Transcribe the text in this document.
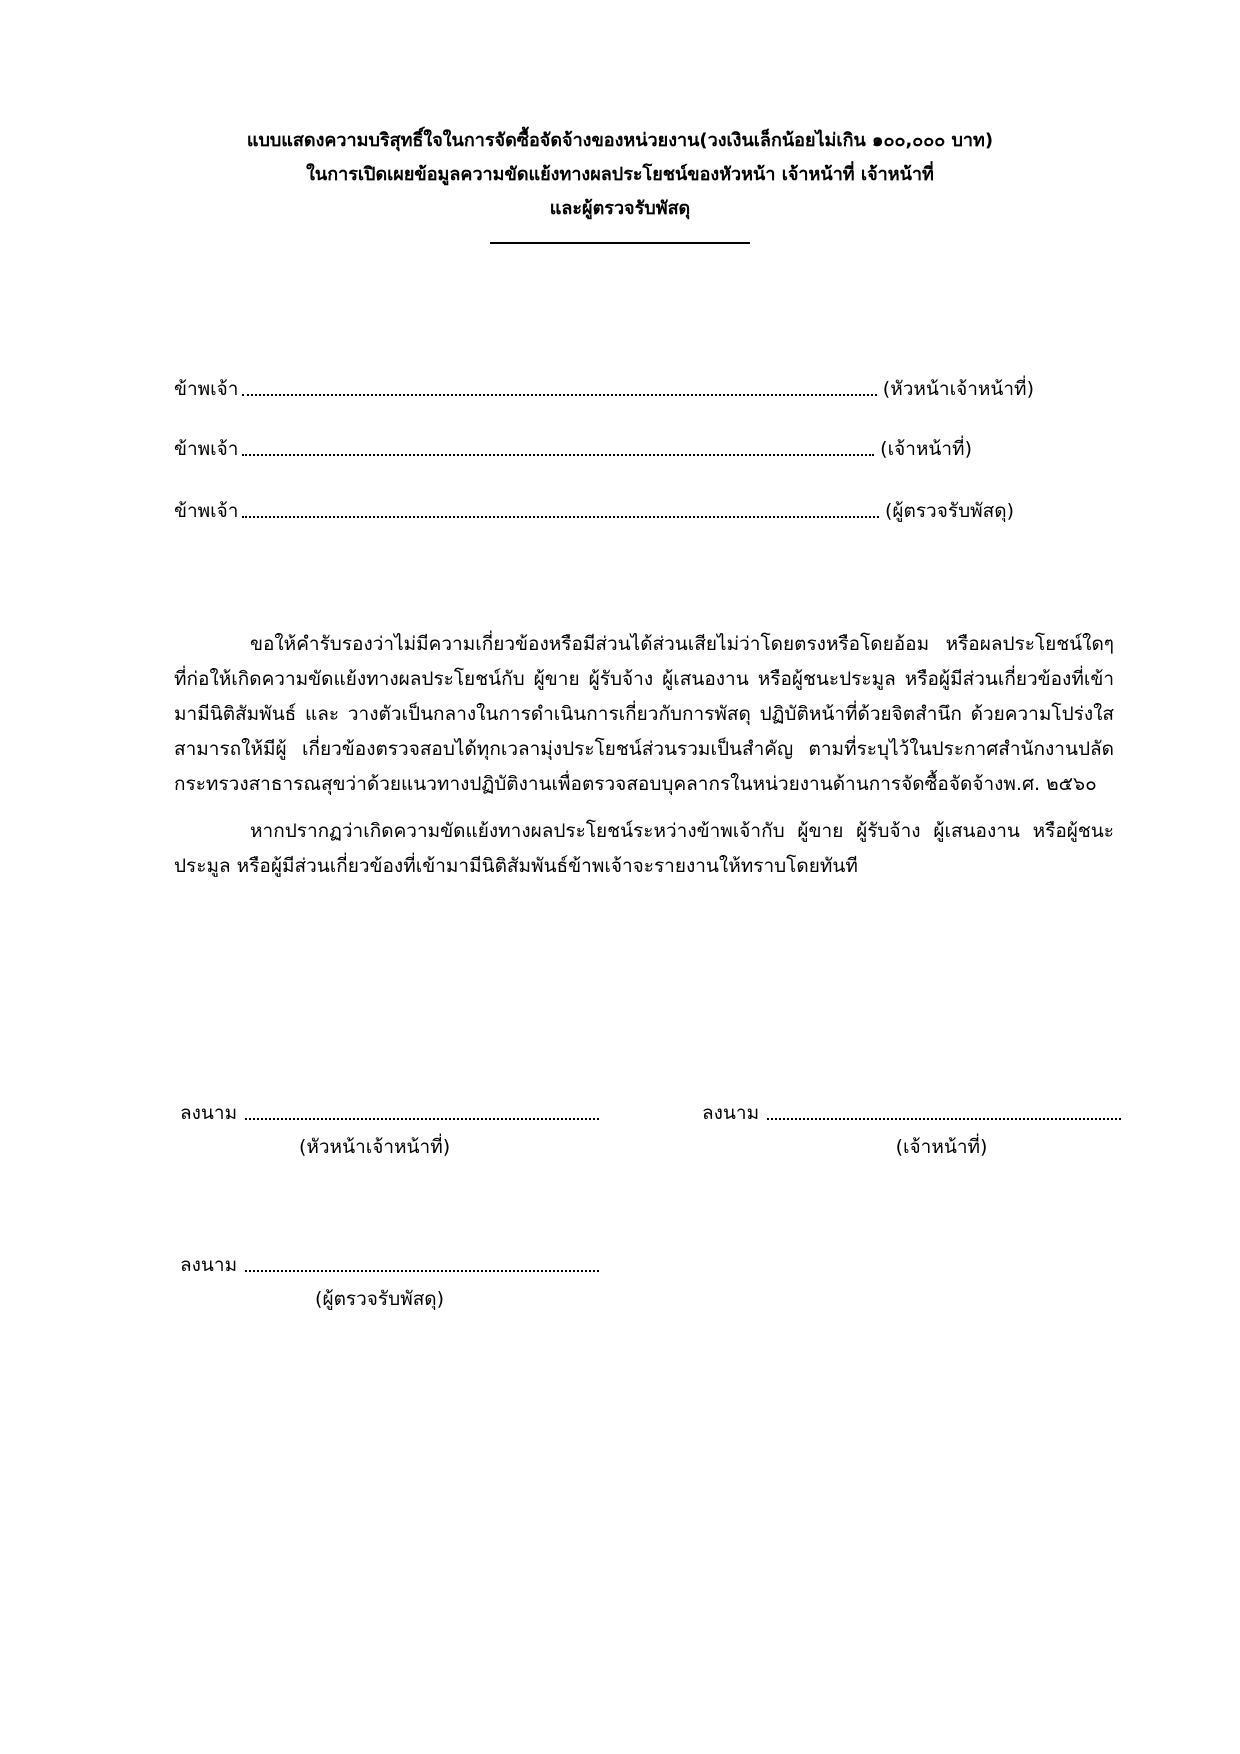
แบบแสดงความบริสุทธิ์ใจในการจัดซื้อจัดจ้างของหน่วยงาน(วงเงินเล็กน้อยไม่เกิน ๑๐๐,๐๐๐ บาท)
ในการเปิดเผยข้อมูลความขัดแย้งทางผลประโยชน์ของหัวหน้า เจ้าหน้าที่ เจ้าหน้าที่
และผู้ตรวจรับพัสดุ
ข้าพเจ้า	(หัวหน้าเจ้าหน้าที่)
ข้าพเจ้า	(เจ้าหน้าที่)
ข้าพเจ้า	(ผู้ตรวจรับพัสดุ)

ขอให้คำรับรองว่าไม่มีความเกี่ยวข้องหรือมีส่วนได้ส่วนเสียไม่ว่าโดยตรงหรือโดยอ้อม หรือผลประโยชน์ใดๆ ที่ก่อให้เกิดความขัดแย้งทางผลประโยชน์กับ ผู้ขาย ผู้รับจ้าง ผู้เสนองาน หรือผู้ชนะประมูล หรือผู้มีส่วนเกี่ยวข้องที่เข้ามามีนิติสัมพันธ์ และ วางตัวเป็นกลางในการดำเนินการเกี่ยวกับการพัสดุ ปฏิบัติหน้าที่ด้วยจิตสำนึก ด้วยความโปร่งใส สามารถให้มีผู้ เกี่ยวข้องตรวจสอบได้ทุกเวลามุ่งประโยชน์ส่วนรวมเป็นสำคัญ ตามที่ระบุไว้ในประกาศสำนักงานปลัดกระทรวงสาธารณสุขว่าด้วยแนวทางปฏิบัติงานเพื่อตรวจสอบบุคลากรในหน่วยงานด้านการจัดซื้อจัดจ้างพ.ศ. ๒๕๖๐

หากปรากฏว่าเกิดความขัดแย้งทางผลประโยชน์ระหว่างข้าพเจ้ากับ ผู้ขาย ผู้รับจ้าง ผู้เสนองาน หรือผู้ชนะประมูล หรือผู้มีส่วนเกี่ยวข้องที่เข้ามามีนิติสัมพันธ์ข้าพเจ้าจะรายงานให้ทราบโดยทันที

ลงนาม
(หัวหน้าเจ้าหน้าที่)
ลงนาม
(เจ้าหน้าที่)
ลงนาม
(ผู้ตรวจรับพัสดุ)
